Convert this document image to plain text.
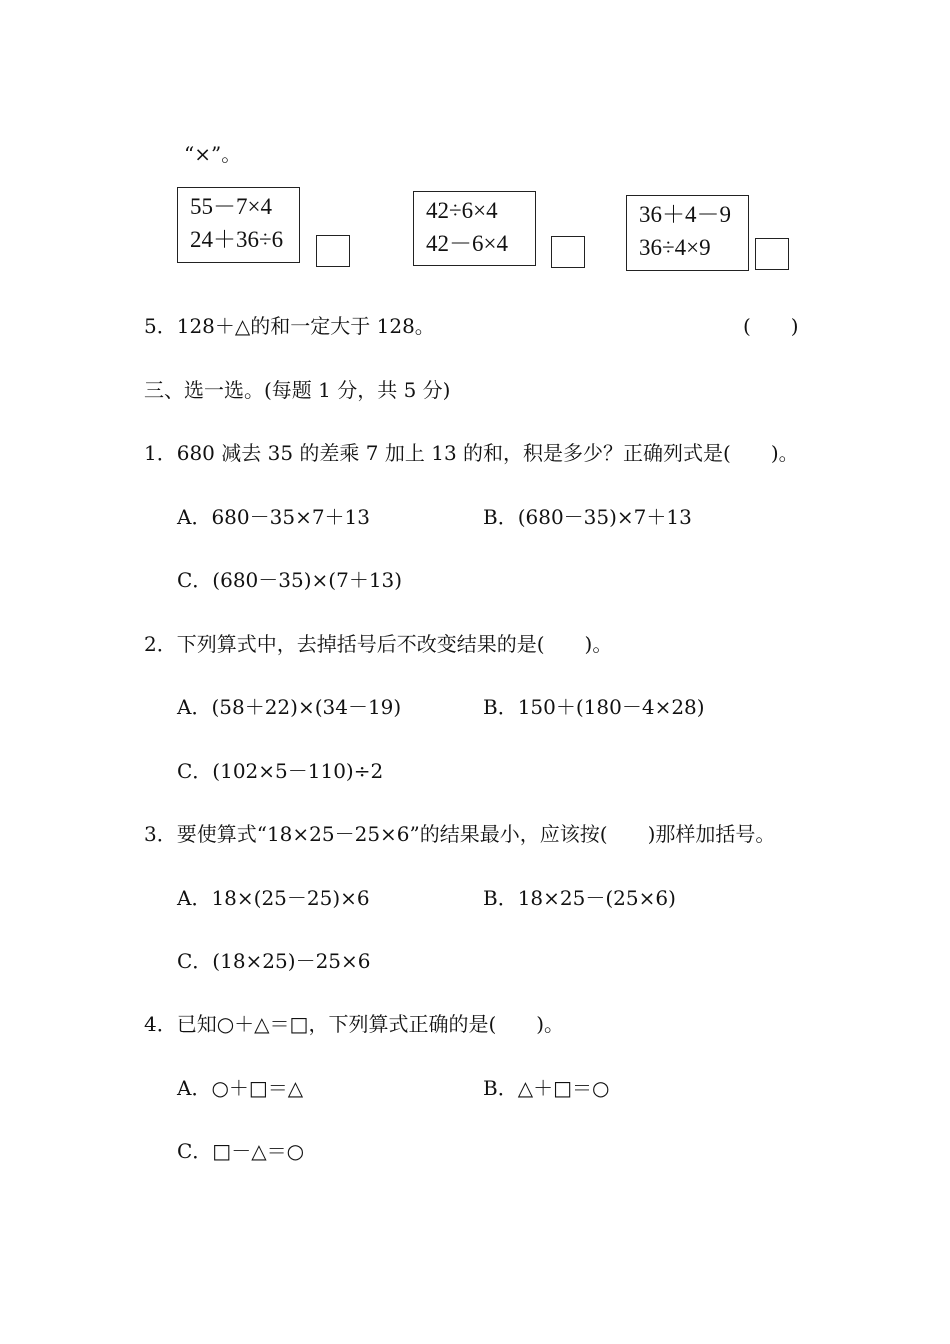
“×”。
55－7×4
24＋36÷6
42÷6×4
42－6×4
36＋4－9
36÷4×9
5．128＋△的和一定大于 128。	(　　)
三、选一选。(每题 1 分，共 5 分)
1．680 减去 35 的差乘 7 加上 13 的和，积是多少？正确列式是(　　)。
A．680－35×7＋13	B．(680－35)×7＋13
C．(680－35)×(7＋13)
2．下列算式中，去掉括号后不改变结果的是(　　)。
A．(58＋22)×(34－19)	B．150＋(180－4×28)
C．(102×5－110)÷2
3．要使算式“18×25－25×6”的结果最小，应该按(　　)那样加括号。
A．18×(25－25)×6	B．18×25－(25×6)
C．(18×25)－25×6
4．已知○＋△＝□，下列算式正确的是(　　)。
A．○＋□＝△	B．△＋□＝○
C．□－△＝○
